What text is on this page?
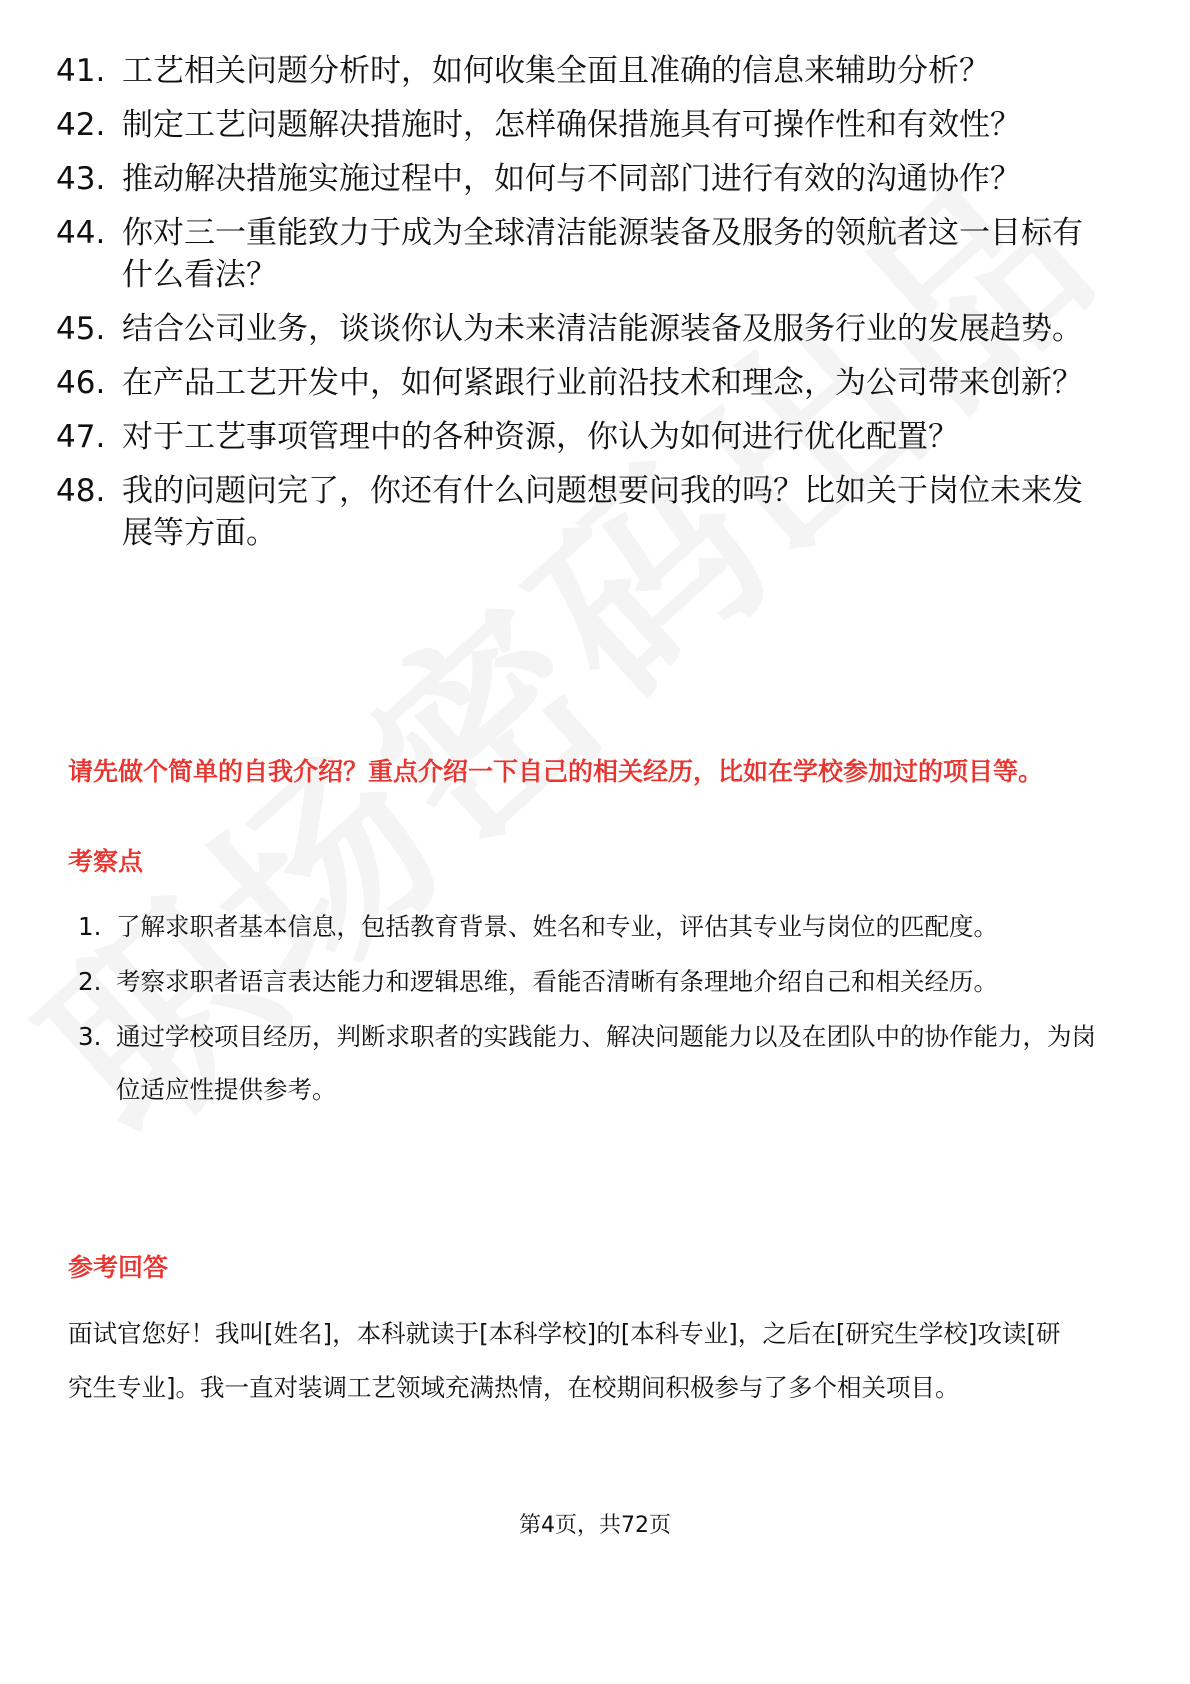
41. 工艺相关问题分析时，如何收集全面且准确的信息来辅助分析？
42. 制定工艺问题解决措施时，怎样确保措施具有可操作性和有效性？
43. 推动解决措施实施过程中，如何与不同部门进行有效的沟通协作？
44. 你对三一重能致力于成为全球清洁能源装备及服务的领航者这一目标有什么看法？
45. 结合公司业务，谈谈你认为未来清洁能源装备及服务行业的发展趋势。
46. 在产品工艺开发中，如何紧跟行业前沿技术和理念，为公司带来创新？
47. 对于工艺事项管理中的各种资源，你认为如何进行优化配置？
48. 我的问题问完了，你还有什么问题想要问我的吗？比如关于岗位未来发展等方面。

请先做个简单的自我介绍？重点介绍一下自己的相关经历，比如在学校参加过的项目等。

考察点
1. 了解求职者基本信息，包括教育背景、姓名和专业，评估其专业与岗位的匹配度。
2. 考察求职者语言表达能力和逻辑思维，看能否清晰有条理地介绍自己和相关经历。
3. 通过学校项目经历，判断求职者的实践能力、解决问题能力以及在团队中的协作能力，为岗位适应性提供参考。
参考回答

面试官您好！我叫[姓名]，本科就读于[本科学校]的[本科专业]，之后在[研究生学校]攻读[研究生专业]。我一直对装调工艺领域充满热情，在校期间积极参与了多个相关项目。

第4页，共72页
